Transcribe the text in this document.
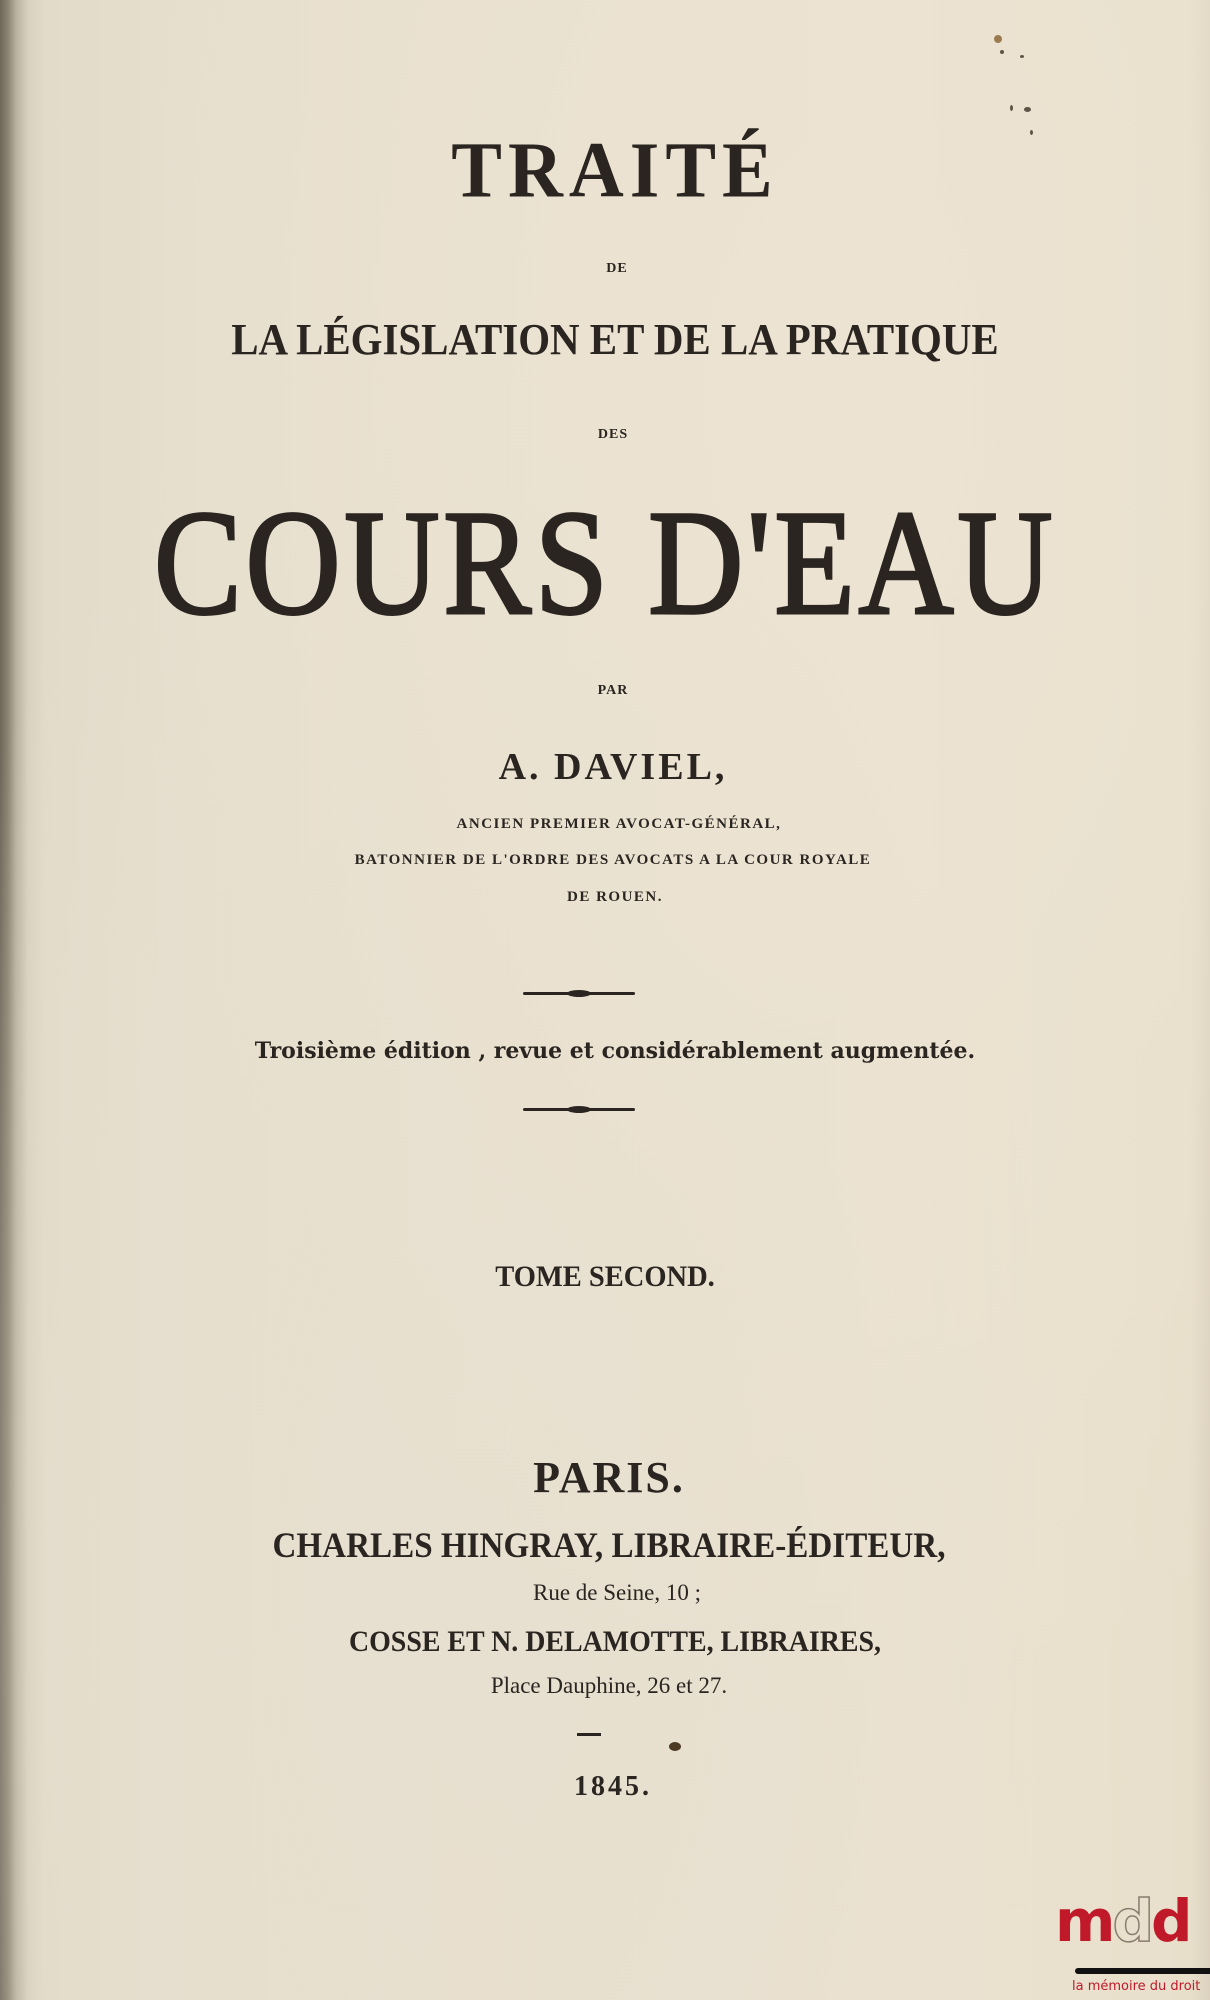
TRAITÉ
DE
LA LÉGISLATION ET DE LA PRATIQUE
DES
COURS D'EAU
PAR
A. DAVIEL,
ANCIEN PREMIER AVOCAT-GÉNÉRAL,
BATONNIER DE L'ORDRE DES AVOCATS A LA COUR ROYALE
DE ROUEN.
Troisième édition , revue et considérablement augmentée.
TOME SECOND.
PARIS.
CHARLES HINGRAY, LIBRAIRE-ÉDITEUR,
Rue de Seine, 10 ;
COSSE ET N. DELAMOTTE, LIBRAIRES,
Place Dauphine, 26 et 27.
1845.
mdd
la mémoire du droit
